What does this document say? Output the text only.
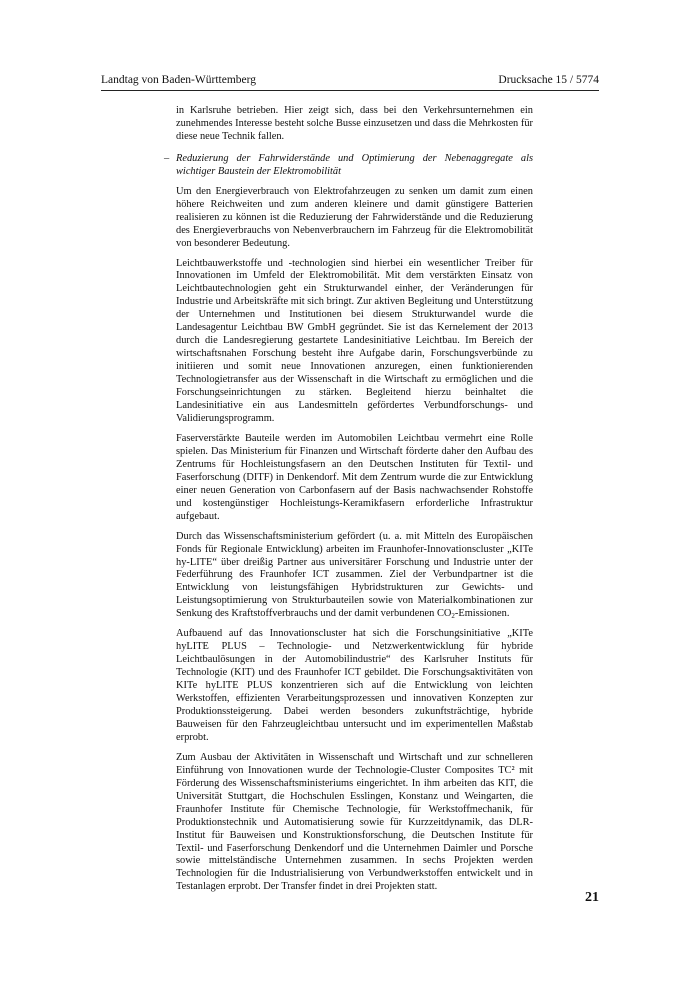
Landtag von Baden-Württemberg	Drucksache 15 / 5774

in Karlsruhe betrieben. Hier zeigt sich, dass bei den Verkehrsunternehmen ein zunehmendes Interesse besteht solche Busse einzusetzen und dass die Mehrkosten für diese neue Technik fallen.

– Reduzierung der Fahrwiderstände und Optimierung der Nebenaggregate als wichtiger Baustein der Elektromobilität

Um den Energieverbrauch von Elektrofahrzeugen zu senken um damit zum einen höhere Reichweiten und zum anderen kleinere und damit günstigere Batterien realisieren zu können ist die Reduzierung der Fahrwiderstände und die Reduzierung des Energieverbrauchs von Nebenverbrauchern im Fahrzeug für die Elektromobilität von besonderer Bedeutung.

Leichtbauwerkstoffe und -technologien sind hierbei ein wesentlicher Treiber für Innovationen im Umfeld der Elektromobilität. Mit dem verstärkten Einsatz von Leichtbautechnologien geht ein Strukturwandel einher, der Veränderungen für Industrie und Arbeitskräfte mit sich bringt. Zur aktiven Begleitung und Unterstützung der Unternehmen und Institutionen bei diesem Strukturwandel wurde die Landesagentur Leichtbau BW GmbH gegründet. Sie ist das Kernelement der 2013 durch die Landesregierung gestartete Landesinitiative Leichtbau. Im Bereich der wirtschaftsnahen Forschung besteht ihre Aufgabe darin, Forschungsverbünde zu initiieren und somit neue Innovationen anzuregen, einen funktionierenden Technologietransfer aus der Wissenschaft in die Wirtschaft zu ermöglichen und die Forschungseinrichtungen zu stärken. Begleitend hierzu beinhaltet die Landesinitiative ein aus Landesmitteln gefördertes Verbundforschungs- und Validierungsprogramm.

Faserverstärkte Bauteile werden im Automobilen Leichtbau vermehrt eine Rolle spielen. Das Ministerium für Finanzen und Wirtschaft förderte daher den Aufbau des Zentrums für Hochleistungsfasern an den Deutschen Instituten für Textil- und Faserforschung (DITF) in Denkendorf. Mit dem Zentrum wurde die zur Entwicklung einer neuen Generation von Carbonfasern auf der Basis nachwachsender Rohstoffe und kostengünstiger Hochleistungs-Keramikfasern erforderliche Infrastruktur aufgebaut.

Durch das Wissenschaftsministerium gefördert (u. a. mit Mitteln des Europäischen Fonds für Regionale Entwicklung) arbeiten im Fraunhofer-Innovationscluster „KITe hy-LITE“ über dreißig Partner aus universitärer Forschung und Industrie unter der Federführung des Fraunhofer ICT zusammen. Ziel der Verbundpartner ist die Entwicklung von leistungsfähigen Hybridstrukturen zur Gewichts- und Leistungsoptimierung von Strukturbauteilen sowie von Materialkombinationen zur Senkung des Kraftstoffverbrauchs und der damit verbundenen $CO_2$-Emissionen.

Aufbauend auf das Innovationscluster hat sich die Forschungsinitiative „KITe hyLITE PLUS – Technologie- und Netzwerkentwicklung für hybride Leichtbaulösungen in der Automobilindustrie“ des Karlsruher Instituts für Technologie (KIT) und des Fraunhofer ICT gebildet. Die Forschungsaktivitäten von KITe hyLITE PLUS konzentrieren sich auf die Entwicklung von leichten Werkstoffen, effizienten Verarbeitungsprozessen und innovativen Konzepten zur Produktionssteigerung. Dabei werden besonders zukunftsträchtige, hybride Bauweisen für den Fahrzeugleichtbau untersucht und im experimentellen Maßstab erprobt.

Zum Ausbau der Aktivitäten in Wissenschaft und Wirtschaft und zur schnelleren Einführung von Innovationen wurde der Technologie-Cluster Composites TC² mit Förderung des Wissenschaftsministeriums eingerichtet. In ihm arbeiten das KIT, die Universität Stuttgart, die Hochschulen Esslingen, Konstanz und Weingarten, die Fraunhofer Institute für Chemische Technologie, für Werkstoffmechanik, für Produktionstechnik und Automatisierung sowie für Kurzzeitdynamik, das DLR-Institut für Bauweisen und Konstruktionsforschung, die Deutschen Institute für Textil- und Faserforschung Denkendorf und die Unternehmen Daimler und Porsche sowie mittelständische Unternehmen zusammen. In sechs Projekten werden Technologien für die Industrialisierung von Verbundwerkstoffen entwickelt und in Testanlagen erprobt. Der Transfer findet in drei Projekten statt.

21
